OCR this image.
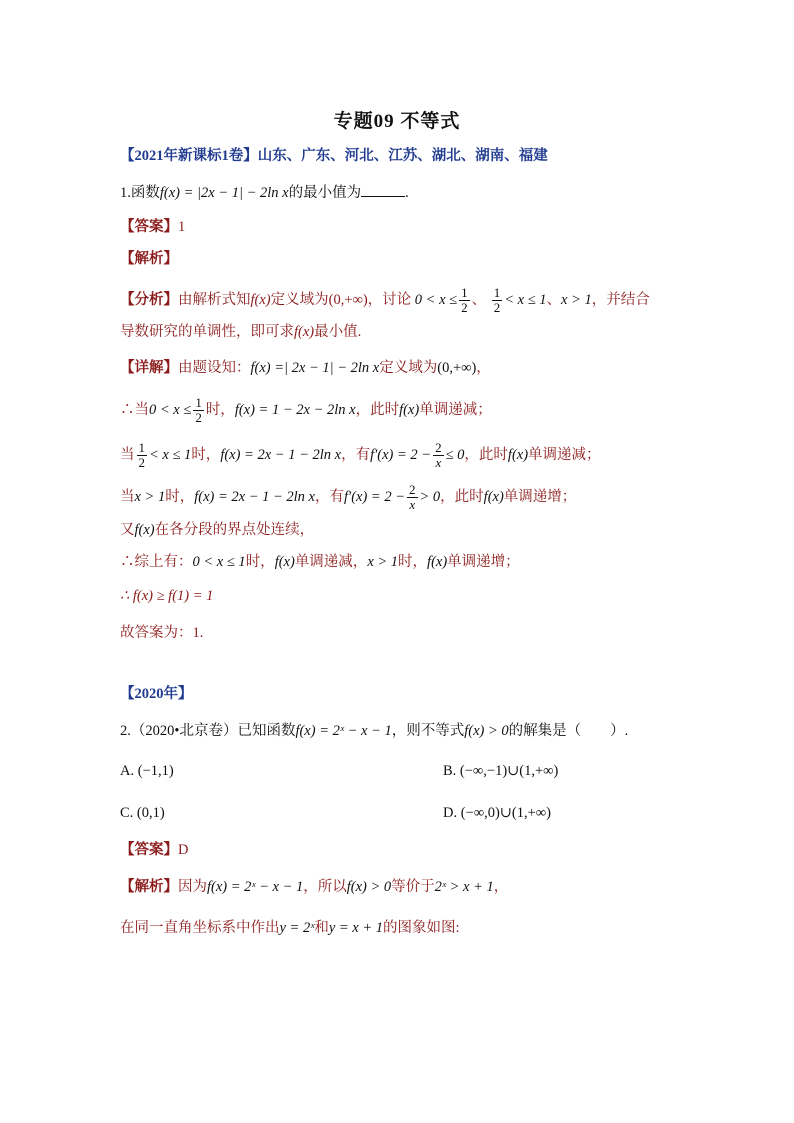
专题09 不等式
【2021年新课标1卷】山东、广东、河北、江苏、湖北、湖南、福建
1.函数f(x) = |2x − 1| − 2ln x的最小值为	.
【答案】1
【解析】
【分析】由解析式知f(x)定义域为(0,+∞)，讨论 $0 < x \le \frac{1}{2}$ 、 $\frac{1}{2} < x \le 1$、x > 1，并结合
导数研究的单调性，即可求f(x)最小值.
【详解】由题设知：f(x) =| 2x − 1| − 2ln x定义域为(0,+∞)，
∴当$0 < x \le \frac{1}{2}$ 时，f(x) = 1 − 2x − 2ln x，此时f(x)单调递减；
当 $\frac{1}{2} < x \le 1$时，f(x) = 2x − 1 − 2ln x，有$f'(x) = 2 - \frac{2}{x} \le 0$，此时f(x)单调递减；
当x > 1时，f(x) = 2x − 1 − 2ln x，有$f'(x) = 2 - \frac{2}{x} > 0$，此时f(x)单调递增；
又f(x)在各分段的界点处连续，
∴综上有：0 < x ≤ 1时，f(x)单调递减，x > 1时，f(x)单调递增；
∴ f(x) ≥ f(1) = 1
故答案为：1.
【2020年】
2.（2020•北京卷）已知函数f(x) = 2ˣ − x − 1，则不等式f(x) > 0的解集是（　　）.
A. (−1,1)	B. (−∞,−1)∪(1,+∞)
C. (0,1)	D. (−∞,0)∪(1,+∞)
【答案】D
【解析】因为f(x) = 2ˣ − x − 1，所以f(x) > 0等价于2ˣ > x + 1，
在同一直角坐标系中作出y = 2ˣ和y = x + 1的图象如图:
